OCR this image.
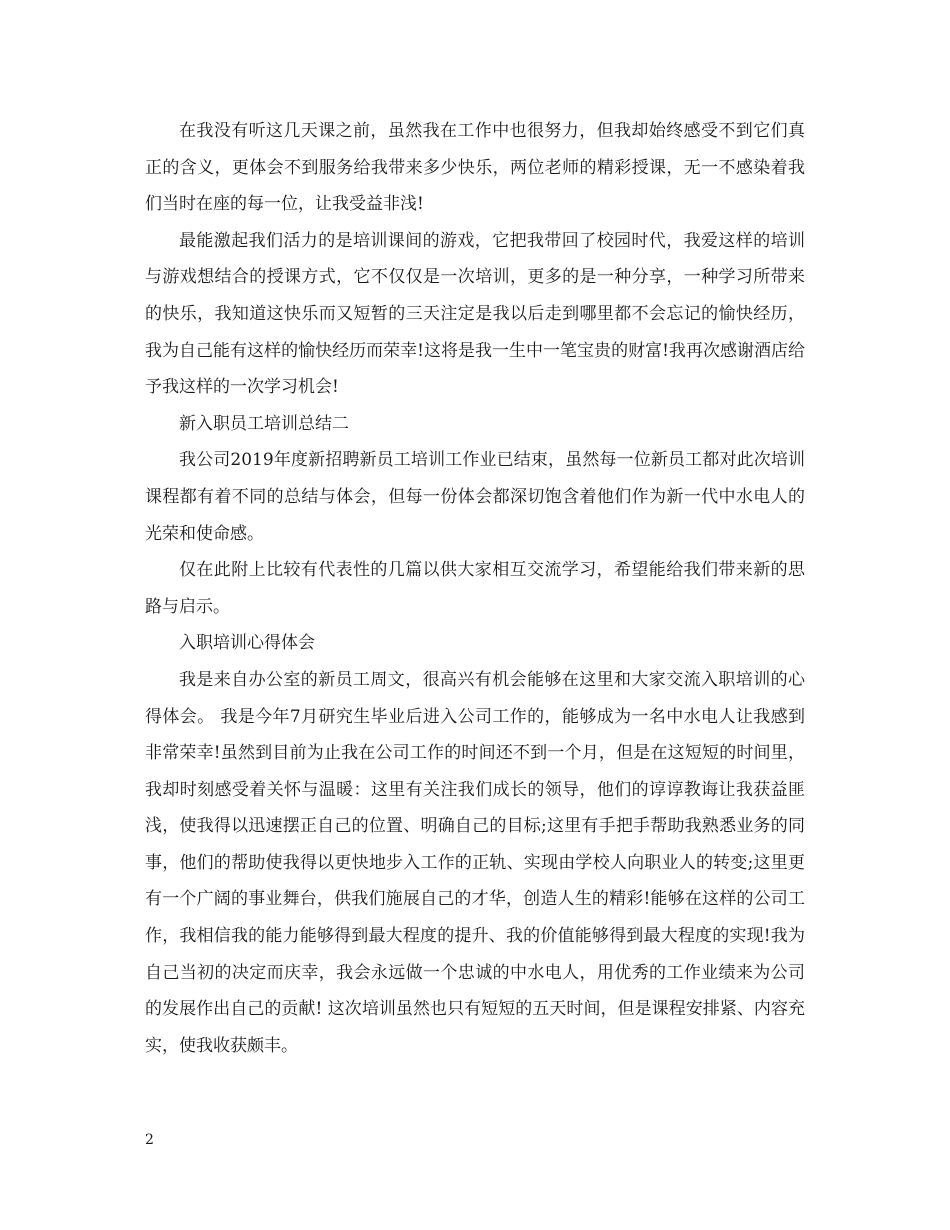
在我没有听这几天课之前，虽然我在工作中也很努力，但我却始终感受不到它们真正的含义，更体会不到服务给我带来多少快乐，两位老师的精彩授课，无一不感染着我们当时在座的每一位，让我受益非浅!

最能激起我们活力的是培训课间的游戏，它把我带回了校园时代，我爱这样的培训与游戏想结合的授课方式，它不仅仅是一次培训，更多的是一种分享，一种学习所带来的快乐，我知道这快乐而又短暂的三天注定是我以后走到哪里都不会忘记的愉快经历，我为自己能有这样的愉快经历而荣幸!这将是我一生中一笔宝贵的财富!我再次感谢酒店给予我这样的一次学习机会!

新入职员工培训总结二

我公司2019年度新招聘新员工培训工作业已结束，虽然每一位新员工都对此次培训课程都有着不同的总结与体会，但每一份体会都深切饱含着他们作为新一代中水电人的光荣和使命感。

仅在此附上比较有代表性的几篇以供大家相互交流学习，希望能给我们带来新的思路与启示。

入职培训心得体会

我是来自办公室的新员工周文，很高兴有机会能够在这里和大家交流入职培训的心得体会。 我是今年7月研究生毕业后进入公司工作的，能够成为一名中水电人让我感到非常荣幸!虽然到目前为止我在公司工作的时间还不到一个月，但是在这短短的时间里，我却时刻感受着关怀与温暖：这里有关注我们成长的领导，他们的谆谆教诲让我获益匪浅，使我得以迅速摆正自己的位置、明确自己的目标;这里有手把手帮助我熟悉业务的同事，他们的帮助使我得以更快地步入工作的正轨、实现由学校人向职业人的转变;这里更有一个广阔的事业舞台，供我们施展自己的才华，创造人生的精彩!能够在这样的公司工作，我相信我的能力能够得到最大程度的提升、我的价值能够得到最大程度的实现!我为自己当初的决定而庆幸，我会永远做一个忠诚的中水电人，用优秀的工作业绩来为公司的发展作出自己的贡献! 这次培训虽然也只有短短的五天时间，但是课程安排紧、内容充实，使我收获颇丰。

2
